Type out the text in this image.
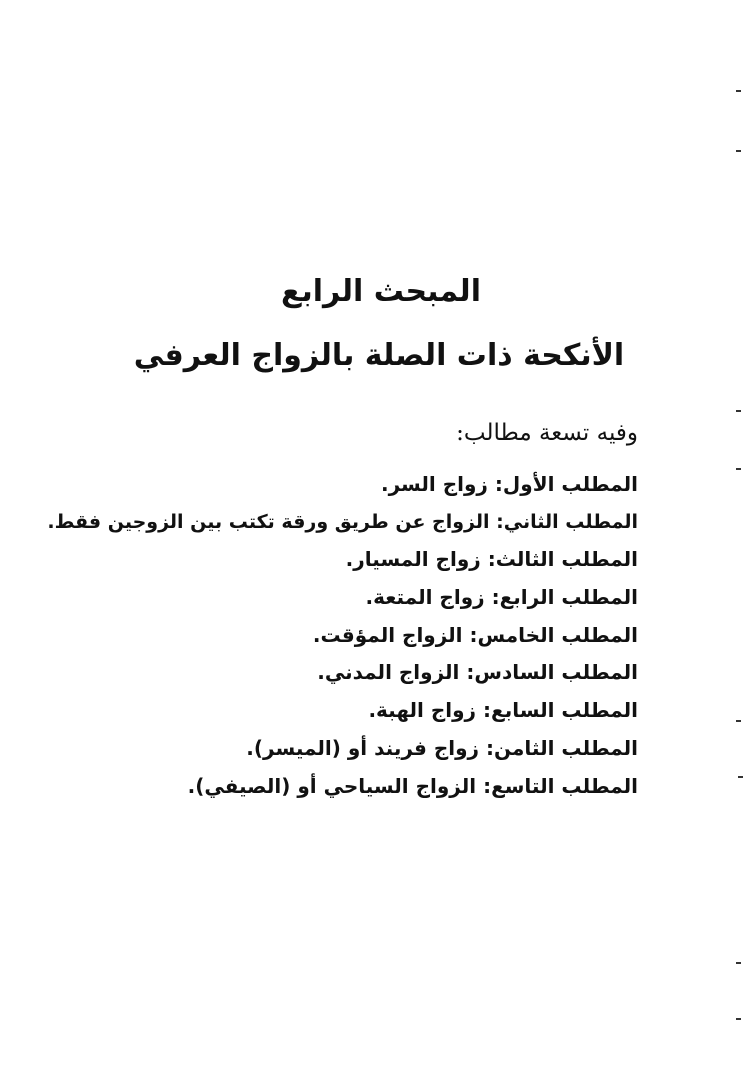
المبحث الرابع
الأنكحة ذات الصلة بالزواج العرفي
وفيه تسعة مطالب:
المطلب الأول: زواج السر.
المطلب الثاني: الزواج عن طريق ورقة تكتب بين الزوجين فقط.
المطلب الثالث: زواج المسيار.
المطلب الرابع: زواج المتعة.
المطلب الخامس: الزواج المؤقت.
المطلب السادس: الزواج المدني.
المطلب السابع: زواج الهبة.
المطلب الثامن: زواج فريند أو (الميسر).
المطلب التاسع: الزواج السياحي أو (الصيفي).
